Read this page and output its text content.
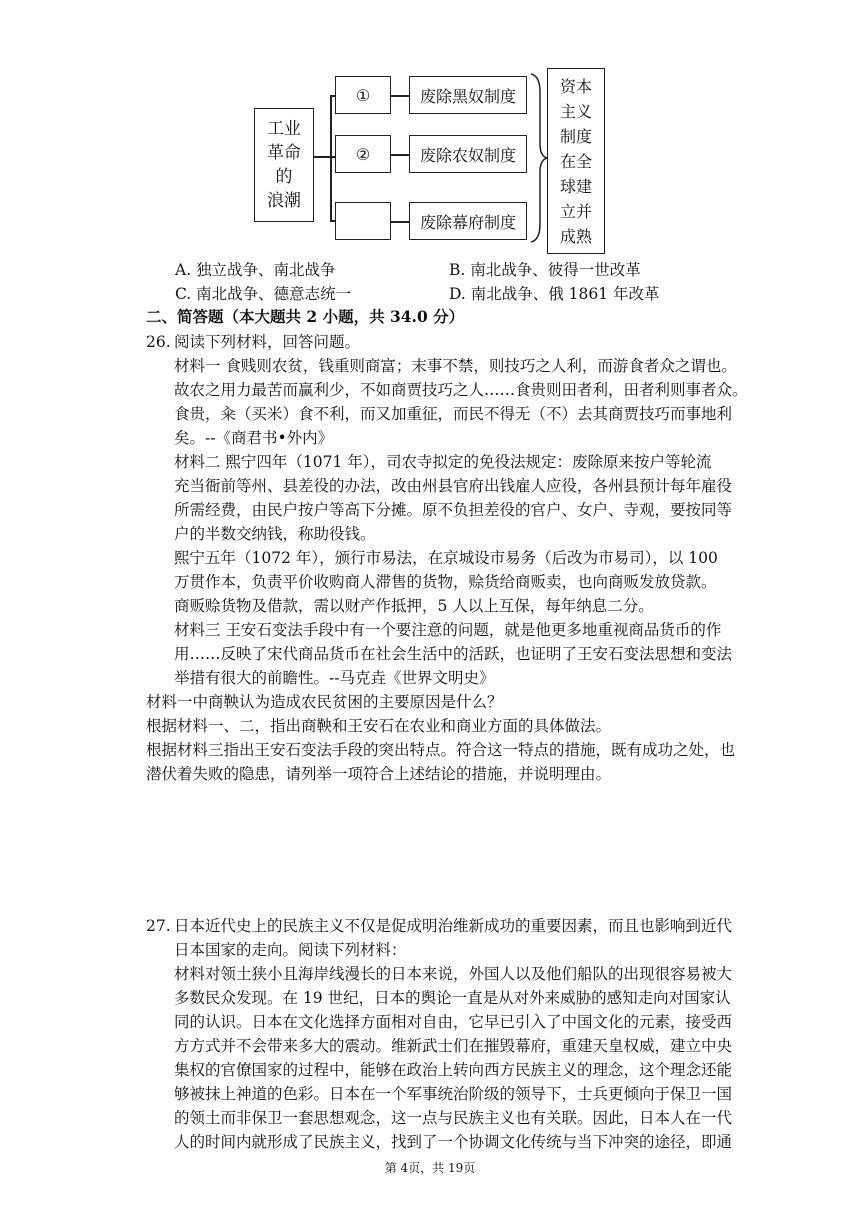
工业
革命
的
浪潮
①
②
废除黑奴制度
废除农奴制度
废除幕府制度
资本
主义
制度
在全
球建
立并
成熟
A. 独立战争、南北战争	B. 南北战争、彼得一世改革
C. 南北战争、德意志统一	D. 南北战争、俄 1861 年改革
二、简答题（本大题共 2 小题，共 34.0 分）
26. 阅读下列材料，回答问题。
材料一 食贱则农贫，钱重则商富；末事不禁，则技巧之人利，而游食者众之谓也。
故农之用力最苦而赢利少，不如商贾技巧之人……食贵则田者利，田者利则事者众。
食贵，籴（买米）食不利，而又加重征，而民不得无（不）去其商贾技巧而事地利
矣。--《商君书•外内》
材料二 熙宁四年（1071 年），司农寺拟定的免役法规定：废除原来按户等轮流
充当衙前等州、县差役的办法，改由州县官府出钱雇人应役，各州县预计每年雇役
所需经费，由民户按户等高下分摊。原不负担差役的官户、女户、寺观，要按同等
户的半数交纳钱，称助役钱。
熙宁五年（1072 年），颁行市易法，在京城设市易务（后改为市易司），以 100
万贯作本，负责平价收购商人滞售的货物，赊货给商贩卖，也向商贩发放贷款。
商贩赊货物及借款，需以财产作抵押，5 人以上互保，每年纳息二分。
材料三 王安石变法手段中有一个要注意的问题，就是他更多地重视商品货币的作
用……反映了宋代商品货币在社会生活中的活跃，也证明了王安石变法思想和变法
举措有很大的前瞻性。--马克垚《世界文明史》
材料一中商鞅认为造成农民贫困的主要原因是什么？
根据材料一、二，指出商鞅和王安石在农业和商业方面的具体做法。
根据材料三指出王安石变法手段的突出特点。符合这一特点的措施，既有成功之处，也
潜伏着失败的隐患，请列举一项符合上述结论的措施，并说明理由。
27. 日本近代史上的民族主义不仅是促成明治维新成功的重要因素，而且也影响到近代
日本国家的走向。阅读下列材料：
材料对领土狭小且海岸线漫长的日本来说，外国人以及他们船队的出现很容易被大
多数民众发现。在 19 世纪，日本的舆论一直是从对外来威胁的感知走向对国家认
同的认识。日本在文化选择方面相对自由，它早已引入了中国文化的元素，接受西
方方式并不会带来多大的震动。维新武士们在摧毁幕府，重建天皇权威，建立中央
集权的官僚国家的过程中，能够在政治上转向西方民族主义的理念，这个理念还能
够被抹上神道的色彩。日本在一个军事统治阶级的领导下，士兵更倾向于保卫一国
的领土而非保卫一套思想观念，这一点与民族主义也有关联。因此，日本人在一代
人的时间内就形成了民族主义，找到了一个协调文化传统与当下冲突的途径，即通
第 4页，共 19页
